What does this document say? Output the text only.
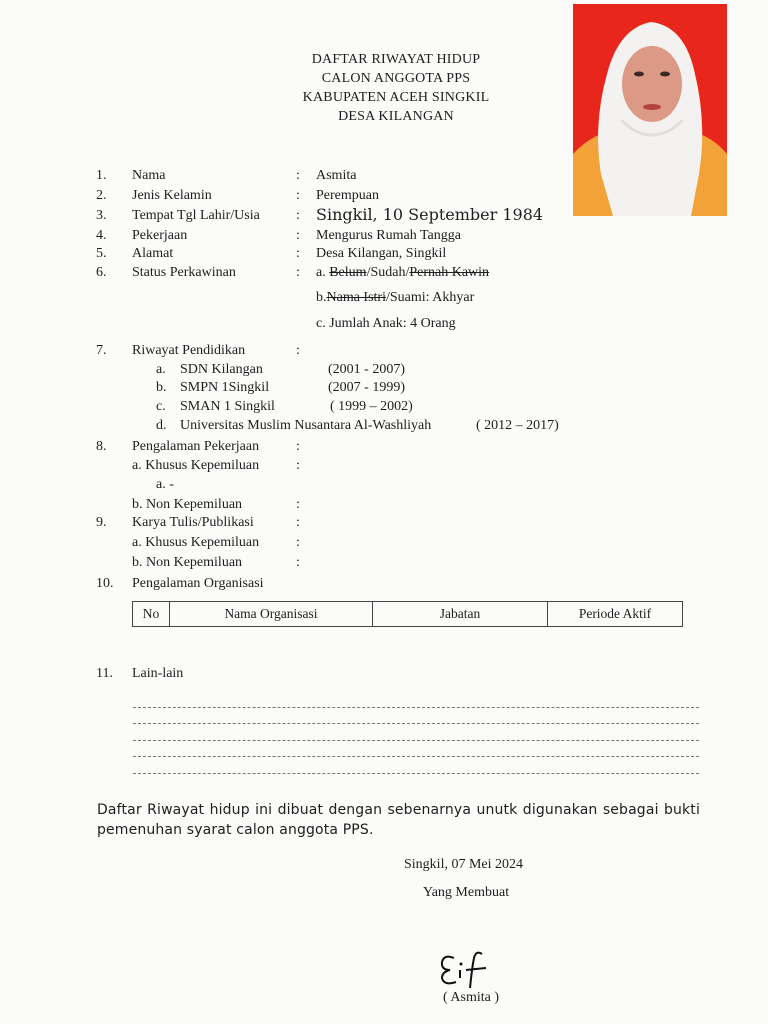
DAFTAR RIWAYAT HIDUP
CALON ANGGOTA PPS
KABUPATEN ACEH SINGKIL
DESA KILANGAN
1. Nama	: Asmita
2. Jenis Kelamin	: Perempuan
3. Tempat Tgl Lahir/Usia	: Singkil, 10 September 1984
4. Pekerjaan	: Mengurus Rumah Tangga
5. Alamat	: Desa Kilangan, Singkil
6. Status Perkawinan	: a. Belum/Sudah/Pernah Kawin
b.Nama Istri/Suami: Akhyar
c. Jumlah Anak: 4 Orang
7. Riwayat Pendidikan	:
a. SDN Kilangan	(2001 - 2007)
b. SMPN 1Singkil	(2007 - 1999)
c. SMAN 1 Singkil	( 1999 – 2002)
d. Universitas Muslim Nusantara Al-Washliyah	( 2012 – 2017)
8. Pengalaman Pekerjaan	:
a. Khusus Kepemiluan	:
a. -
b. Non Kepemiluan	:
9. Karya Tulis/Publikasi	:
a. Khusus Kepemiluan	:
b. Non Kepemiluan	:
10. Pengalaman Organisasi
No	Nama Organisasi	Jabatan	Periode Aktif
11. Lain-lain
Daftar Riwayat hidup ini dibuat dengan sebenarnya unutk digunakan sebagai bukti pemenuhan syarat calon anggota PPS.
Singkil, 07 Mei 2024
Yang Membuat
( Asmita )
